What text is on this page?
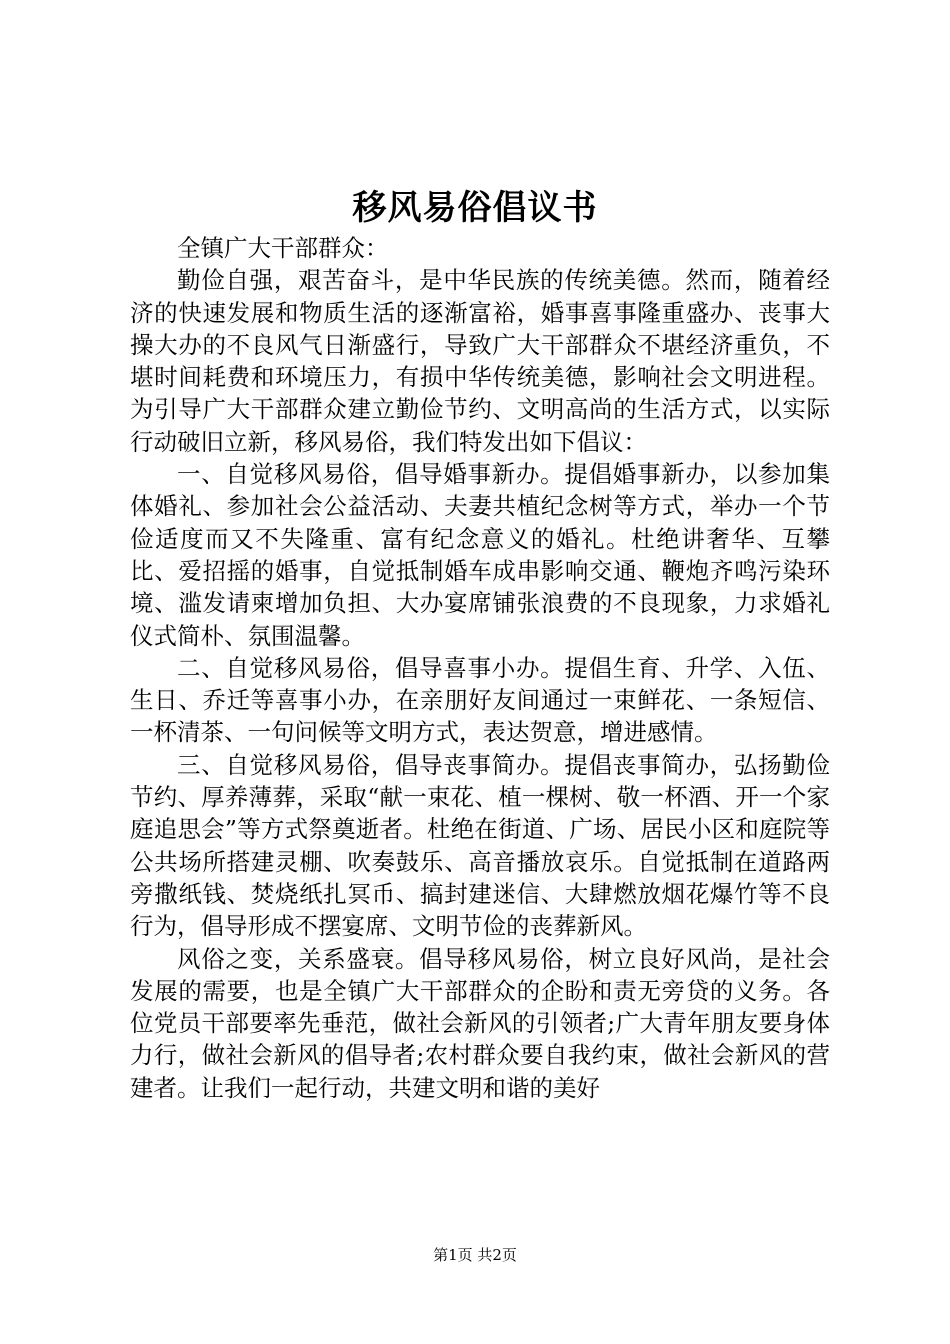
移风易俗倡议书

全镇广大干部群众：

勤俭自强，艰苦奋斗，是中华民族的传统美德。然而，随着经济的快速发展和物质生活的逐渐富裕，婚事喜事隆重盛办、丧事大操大办的不良风气日渐盛行，导致广大干部群众不堪经济重负，不堪时间耗费和环境压力，有损中华传统美德，影响社会文明进程。为引导广大干部群众建立勤俭节约、文明高尚的生活方式，以实际行动破旧立新，移风易俗，我们特发出如下倡议：

一、自觉移风易俗，倡导婚事新办。提倡婚事新办，以参加集体婚礼、参加社会公益活动、夫妻共植纪念树等方式，举办一个节俭适度而又不失隆重、富有纪念意义的婚礼。杜绝讲奢华、互攀比、爱招摇的婚事，自觉抵制婚车成串影响交通、鞭炮齐鸣污染环境、滥发请柬增加负担、大办宴席铺张浪费的不良现象，力求婚礼仪式简朴、氛围温馨。

二、自觉移风易俗，倡导喜事小办。提倡生育、升学、入伍、生日、乔迁等喜事小办，在亲朋好友间通过一束鲜花、一条短信、一杯清茶、一句问候等文明方式，表达贺意，增进感情。

三、自觉移风易俗，倡导丧事简办。提倡丧事简办，弘扬勤俭节约、厚养薄葬，采取“献一束花、植一棵树、敬一杯酒、开一个家庭追思会”等方式祭奠逝者。杜绝在街道、广场、居民小区和庭院等公共场所搭建灵棚、吹奏鼓乐、高音播放哀乐。自觉抵制在道路两旁撒纸钱、焚烧纸扎冥币、搞封建迷信、大肆燃放烟花爆竹等不良行为，倡导形成不摆宴席、文明节俭的丧葬新风。

风俗之变，关系盛衰。倡导移风易俗，树立良好风尚，是社会发展的需要，也是全镇广大干部群众的企盼和责无旁贷的义务。各位党员干部要率先垂范，做社会新风的引领者;广大青年朋友要身体力行，做社会新风的倡导者;农村群众要自我约束，做社会新风的营建者。让我们一起行动，共建文明和谐的美好

第1页 共2页
